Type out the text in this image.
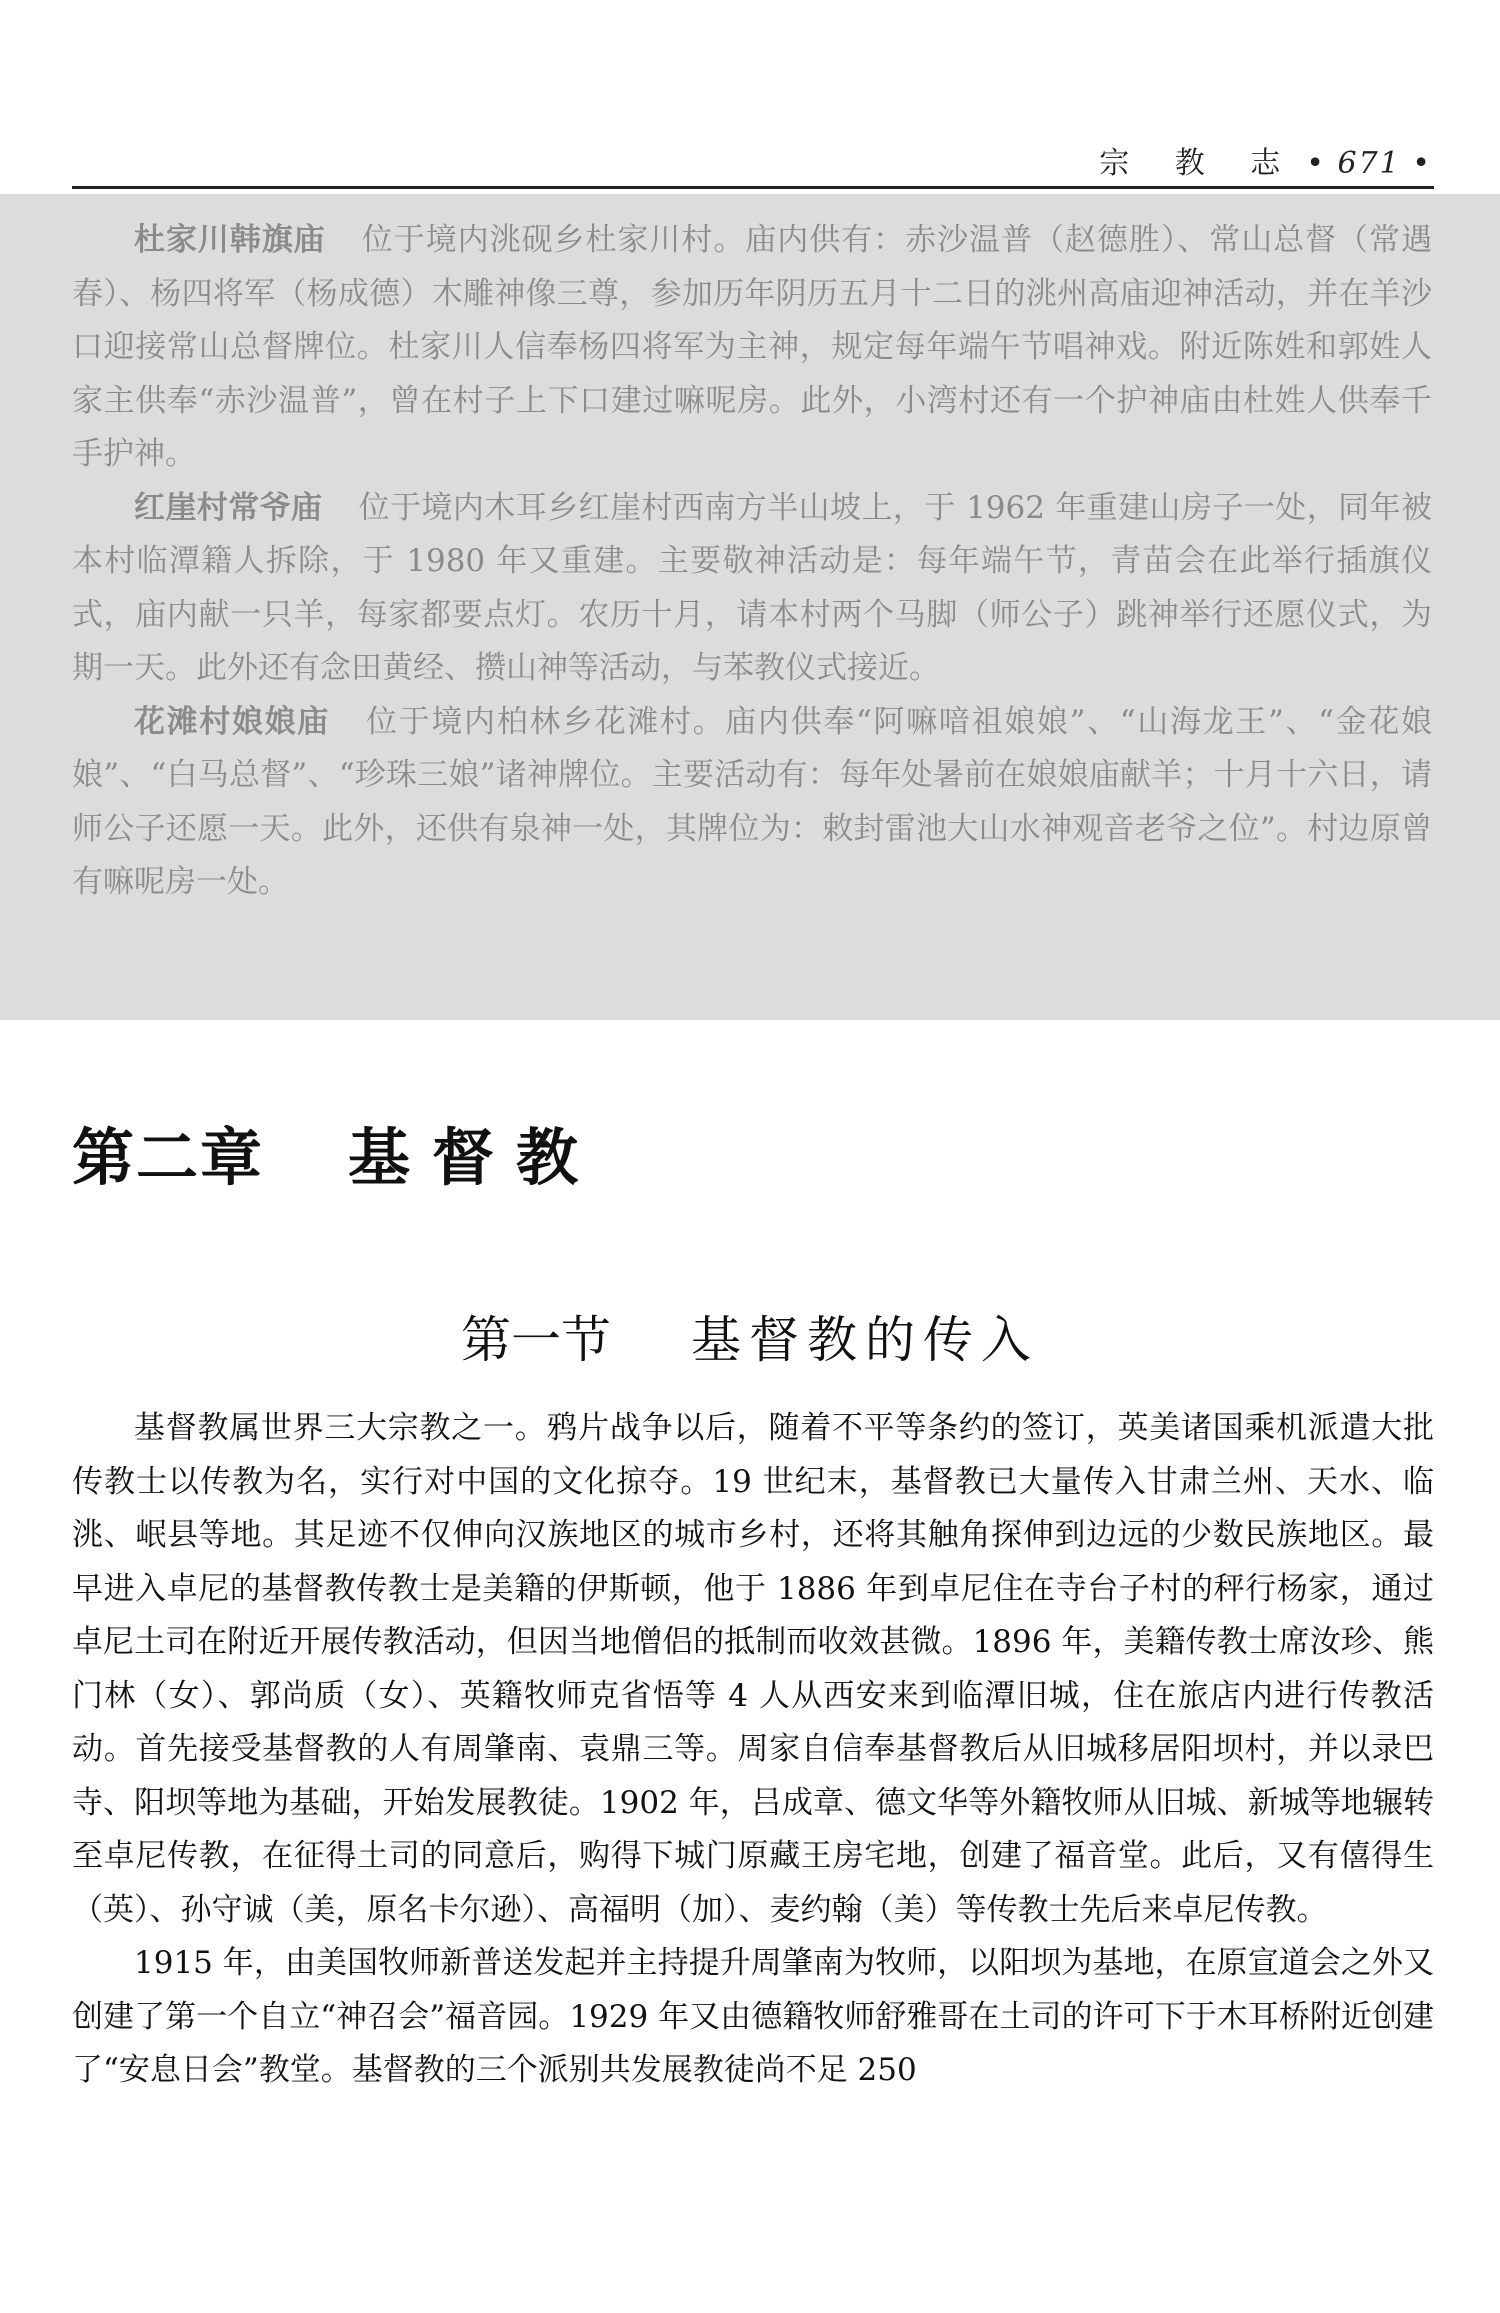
宗 教 志 • 671 •

杜家川韩旗庙 位于境内洮砚乡杜家川村。庙内供有：赤沙温普（赵德胜）、常山总督（常遇春）、杨四将军（杨成德）木雕神像三尊，参加历年阴历五月十二日的洮州高庙迎神活动，并在羊沙口迎接常山总督牌位。杜家川人信奉杨四将军为主神，规定每年端午节唱神戏。附近陈姓和郭姓人家主供奉“赤沙温普”，曾在村子上下口建过嘛呢房。此外，小湾村还有一个护神庙由杜姓人供奉千手护神。

红崖村常爷庙 位于境内木耳乡红崖村西南方半山坡上，于 1962 年重建山房子一处，同年被本村临潭籍人拆除，于 1980 年又重建。主要敬神活动是：每年端午节，青苗会在此举行插旗仪式，庙内献一只羊，每家都要点灯。农历十月，请本村两个马脚（师公子）跳神举行还愿仪式，为期一天。此外还有念田黄经、攒山神等活动，与苯教仪式接近。

花滩村娘娘庙 位于境内柏林乡花滩村。庙内供奉“阿嘛喑祖娘娘”、“山海龙王”、“金花娘娘”、“白马总督”、“珍珠三娘”诸神牌位。主要活动有：每年处暑前在娘娘庙献羊；十月十六日，请师公子还愿一天。此外，还供有泉神一处，其牌位为：敕封雷池大山水神观音老爷之位”。村边原曾有嘛呢房一处。

第二章 基督教
第一节 基督教的传入

基督教属世界三大宗教之一。鸦片战争以后，随着不平等条约的签订，英美诸国乘机派遣大批传教士以传教为名，实行对中国的文化掠夺。19 世纪末，基督教已大量传入甘肃兰州、天水、临洮、岷县等地。其足迹不仅伸向汉族地区的城市乡村，还将其触角探伸到边远的少数民族地区。最早进入卓尼的基督教传教士是美籍的伊斯顿，他于 1886 年到卓尼住在寺台子村的秤行杨家，通过卓尼土司在附近开展传教活动，但因当地僧侣的抵制而收效甚微。1896 年，美籍传教士席汝珍、熊门林（女）、郭尚质（女）、英籍牧师克省悟等 4 人从西安来到临潭旧城，住在旅店内进行传教活动。首先接受基督教的人有周肇南、袁鼎三等。周家自信奉基督教后从旧城移居阳坝村，并以录巴寺、阳坝等地为基础，开始发展教徒。1902 年，吕成章、德文华等外籍牧师从旧城、新城等地辗转至卓尼传教，在征得土司的同意后，购得下城门原藏王房宅地，创建了福音堂。此后，又有僖得生（英）、孙守诚（美，原名卡尔逊）、高福明（加）、麦约翰（美）等传教士先后来卓尼传教。

1915 年，由美国牧师新普送发起并主持提升周肇南为牧师，以阳坝为基地，在原宣道会之外又创建了第一个自立“神召会”福音园。1929 年又由德籍牧师舒雅哥在土司的许可下于木耳桥附近创建了“安息日会”教堂。基督教的三个派别共发展教徒尚不足 250
